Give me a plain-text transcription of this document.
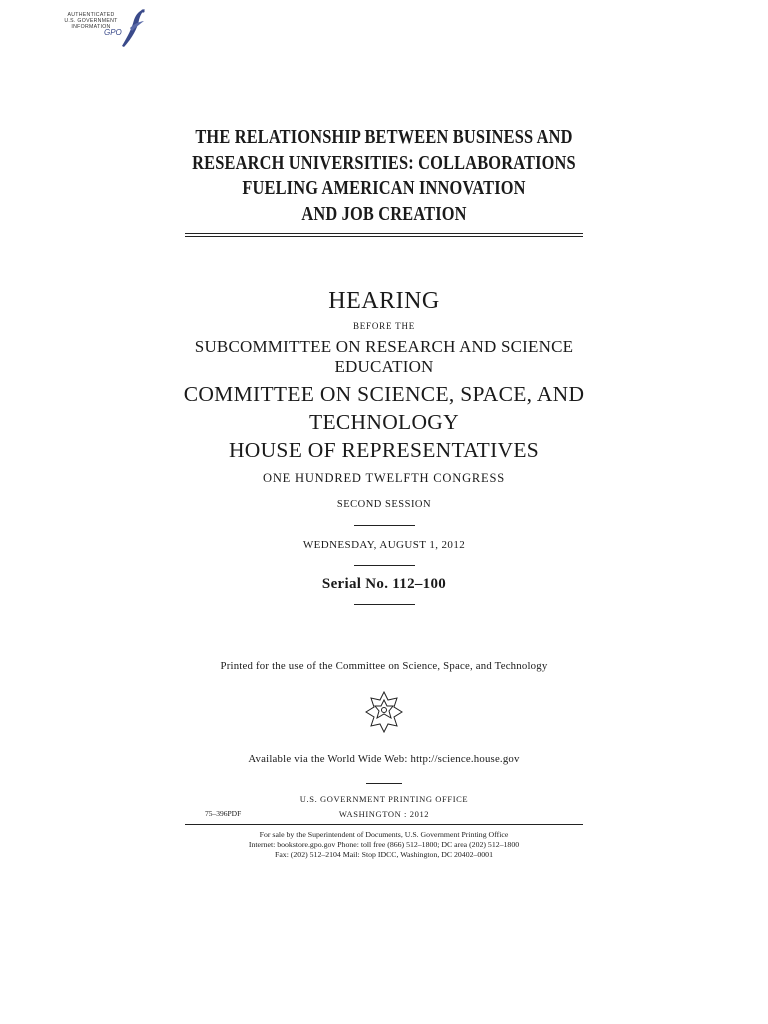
AUTHENTICATED
U.S. GOVERNMENT
INFORMATION
GPO
THE RELATIONSHIP BETWEEN BUSINESS AND
RESEARCH UNIVERSITIES: COLLABORATIONS
FUELING AMERICAN INNOVATION
AND JOB CREATION
HEARING
BEFORE THE
SUBCOMMITTEE ON RESEARCH AND SCIENCE
EDUCATION
COMMITTEE ON SCIENCE, SPACE, AND
TECHNOLOGY
HOUSE OF REPRESENTATIVES
ONE HUNDRED TWELFTH CONGRESS
SECOND SESSION
WEDNESDAY, AUGUST 1, 2012
Serial No. 112–100
Printed for the use of the Committee on Science, Space, and Technology
Available via the World Wide Web: http://science.house.gov
U.S. GOVERNMENT PRINTING OFFICE
75–396PDF	WASHINGTON : 2012
For sale by the Superintendent of Documents, U.S. Government Printing Office
Internet: bookstore.gpo.gov Phone: toll free (866) 512–1800; DC area (202) 512–1800
Fax: (202) 512–2104 Mail: Stop IDCC, Washington, DC 20402–0001
